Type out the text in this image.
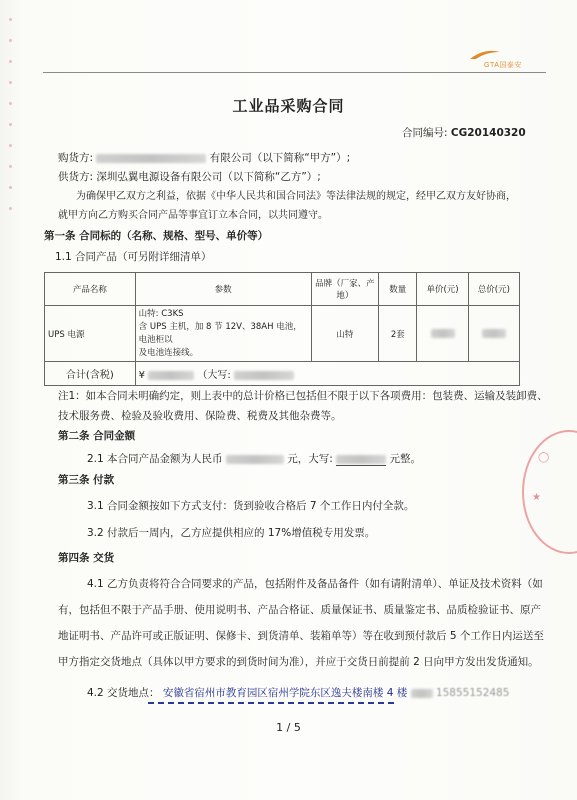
GTA国泰安
工业品采购合同
合同编号: CG20140320
购货方:	有限公司（以下简称“甲方”）;
供货方: 深圳弘翼电源设备有限公司（以下简称“乙方”）;
为确保甲乙双方之利益，依据《中华人民共和国合同法》等法律法规的规定，经甲乙双方友好协商，
就甲方向乙方购买合同产品等事宜订立本合同，以共同遵守。
第一条 合同标的（名称、规格、型号、单价等）
1.1 合同产品（可另附详细清单）
产品名称	参数	品牌（厂家、产地）	数量	单价(元)	总价(元)
UPS 电源	山特: C3KS
含 UPS 主机，加 8 节 12V、38AH 电池，电池柜以
及电池连接线。	山特	2套		
合计(含税)	¥ （大写:				
注1：如本合同未明确约定，则上表中的总计价格已包括但不限于以下各项费用：包装费、运输及装卸费、
技术服务费、检验及验收费用、保险费、税费及其他杂费等。
第二条 合同金额
2.1 本合同产品金额为人民币	元，大写:	元整。
第三条 付款
3.1 合同金额按如下方式支付：货到验收合格后 7 个工作日内付全款。
3.2 付款后一周内，乙方应提供相应的 17%增值税专用发票。
第四条 交货
4.1 乙方负责将符合合同要求的产品，包括附件及备品备件（如有请附清单）、单证及技术资料（如
有，包括但不限于产品手册、使用说明书、产品合格证、质量保证书、质量鉴定书、品质检验证书、原产
地证明书、产品许可或正版证明、保修卡、到货清单、装箱单等）等在收到预付款后 5 个工作日内运送至
甲方指定交货地点（具体以甲方要求的到货时间为准），并应于交货日前提前 2 日向甲方发出发货通知。
4.2 交货地点： 安徽省宿州市教育园区宿州学院东区逸夫楼南楼 4 楼	15855152485
1 / 5
◯
★
